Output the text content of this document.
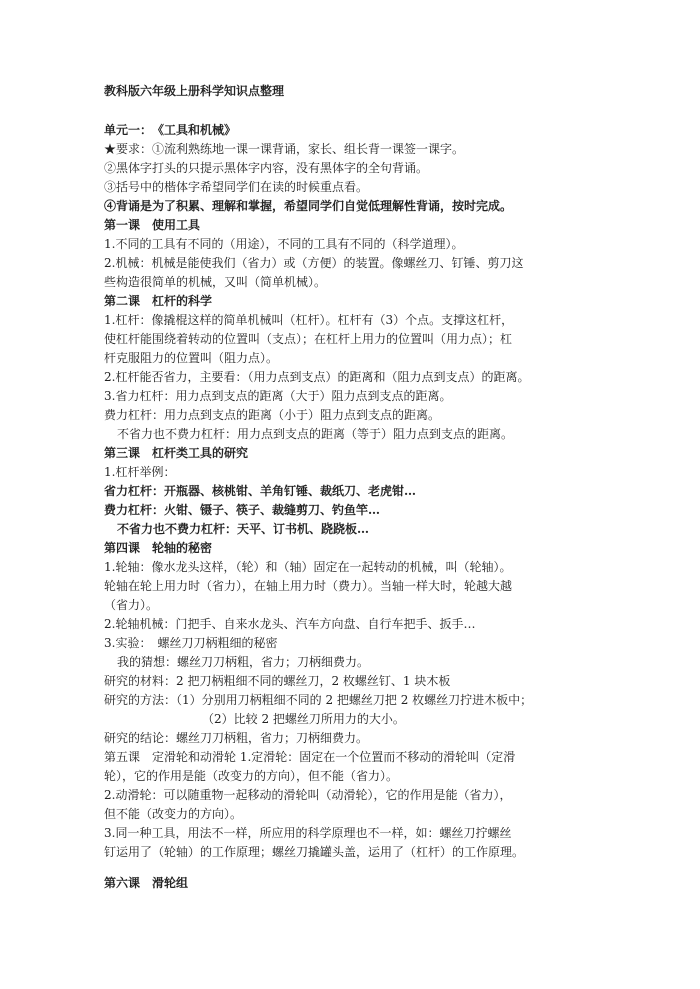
教科版六年级上册科学知识点整理
单元一：　《工具和机械》
★要求：①流利熟练地一课一课背诵，家长、组长背一课签一课字。
②黑体字打头的只提示黑体字内容，没有黑体字的全句背诵。
③括号中的楷体字希望同学们在读的时候重点看。
④背诵是为了积累、理解和掌握，希望同学们自觉低理解性背诵，按时完成。
第一课　使用工具
1.不同的工具有不同的（用途），不同的工具有不同的（科学道理）。
2.机械：机械是能使我们（省力）或（方便）的装置。像螺丝刀、钉锤、剪刀这
些构造很简单的机械，又叫（简单机械）。
第二课　杠杆的科学
1.杠杆：像撬棍这样的简单机械叫（杠杆）。杠杆有（3）个点。支撑这杠杆，
使杠杆能围绕着转动的位置叫（支点）；在杠杆上用力的位置叫（用力点）；杠
杆克服阻力的位置叫（阻力点）。
2.杠杆能否省力，主要看：（用力点到支点）的距离和（阻力点到支点）的距离。
3.省力杠杆：用力点到支点的距离（大于）阻力点到支点的距离。
费力杠杆：用力点到支点的距离（小于）阻力点到支点的距离。
不省力也不费力杠杆：用力点到支点的距离（等于）阻力点到支点的距离。
第三课　杠杆类工具的研究
1.杠杆举例：
省力杠杆：开瓶器、核桃钳、羊角钉锤、裁纸刀、老虎钳…
费力杠杆：火钳、镊子、筷子、裁缝剪刀、钓鱼竿…
不省力也不费力杠杆：天平、订书机、跷跷板…
第四课　轮轴的秘密
1.轮轴：像水龙头这样，（轮）和（轴）固定在一起转动的机械，叫（轮轴）。
轮轴在轮上用力时（省力），在轴上用力时（费力）。当轴一样大时，轮越大越
（省力）。
2.轮轴机械：门把手、自来水龙头、汽车方向盘、自行车把手、扳手…
3.实验：　螺丝刀刀柄粗细的秘密
我的猜想：螺丝刀刀柄粗，省力；刀柄细费力。
研究的材料：2 把刀柄粗细不同的螺丝刀，2 枚螺丝钉、1 块木板
研究的方法：（1）分别用刀柄粗细不同的 2 把螺丝刀把 2 枚螺丝刀拧进木板中；
（2）比较 2 把螺丝刀所用力的大小。
研究的结论：螺丝刀刀柄粗，省力；刀柄细费力。
第五课　定滑轮和动滑轮 1.定滑轮：固定在一个位置而不移动的滑轮叫（定滑
轮），它的作用是能（改变力的方向），但不能（省力）。
2.动滑轮：可以随重物一起移动的滑轮叫（动滑轮），它的作用是能（省力），
但不能（改变力的方向）。
3.同一种工具，用法不一样，所应用的科学原理也不一样，如：螺丝刀拧螺丝
钉运用了（轮轴）的工作原理；螺丝刀撬罐头盖，运用了（杠杆）的工作原理。
第六课　滑轮组
